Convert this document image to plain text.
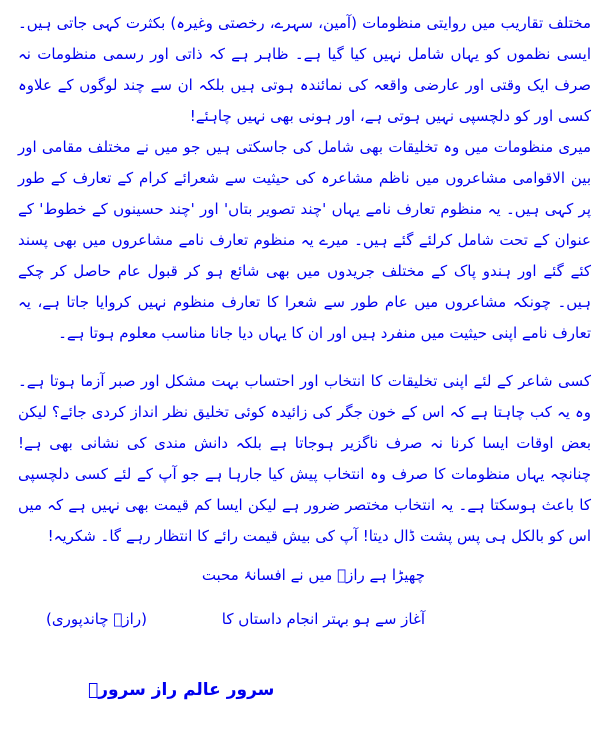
مختلف تقاریب میں روایتی منظومات (آمین، سہرے، رخصتی وغیرہ) بکثرت کہی جاتی ہیں۔ ایسی نظموں کو یہاں شامل نہیں کیا گیا ہے۔ ظاہر ہے کہ ذاتی اور رسمی منظومات نہ صرف ایک وقتی اور عارضی واقعہ کی نمائندہ ہوتی ہیں بلکہ ان سے چند لوگوں کے علاوہ کسی اور کو دلچسپی نہیں ہوتی ہے، اور ہونی بھی نہیں چاہئے!

میری منظومات میں وہ تخلیقات بھی شامل کی جاسکتی ہیں جو میں نے مختلف مقامی اور بین الاقوامی مشاعروں میں ناظم مشاعرہ کی حیثیت سے شعرائے کرام کے تعارف کے طور پر کہی ہیں۔ یہ منظوم تعارف نامے یہاں 'چند تصویر بتاں' اور 'چند حسینوں کے خطوط' کے عنوان کے تحت شامل کرلئے گئے ہیں۔ میرے یہ منظوم تعارف نامے مشاعروں میں بھی پسند کئے گئے اور ہندو پاک کے مختلف جریدوں میں بھی شائع ہو کر قبول عام حاصل کر چکے ہیں۔ چونکہ مشاعروں میں عام طور سے شعرا کا تعارف منظوم نہیں کروایا جاتا ہے، یہ تعارف نامے اپنی حیثیت میں منفرد ہیں اور ان کا یہاں دیا جانا مناسب معلوم ہوتا ہے۔

کسی شاعر کے لئے اپنی تخلیقات کا انتخاب اور احتساب بہت مشکل اور صبر آزما ہوتا ہے۔ وہ یہ کب چاہتا ہے کہ اس کے خون جگر کی زائیدہ کوئی تخلیق نظر انداز کردی جائے؟ لیکن بعض اوقات ایسا کرنا نہ صرف ناگزیر ہوجاتا ہے بلکہ دانش مندی کی نشانی بھی ہے! چنانچہ یہاں منظومات کا صرف وہ انتخاب پیش کیا جارہا ہے جو آپ کے لئے کسی دلچسپی کا باعث ہوسکتا ہے۔ یہ انتخاب مختصر ضرور ہے لیکن ایسا کم قیمت بھی نہیں ہے کہ میں اس کو بالکل ہی پس پشت ڈال دیتا! آپ کی بیش قیمت رائے کا انتظار رہے گا۔ شکریہ!

چھیڑا ہے رازؔ میں نے افسانۂ محبت
آغاز سے ہو بہتر انجام داستاں کا
(رازؔ چاندپوری)
سرور عالم راز سرورؔ
